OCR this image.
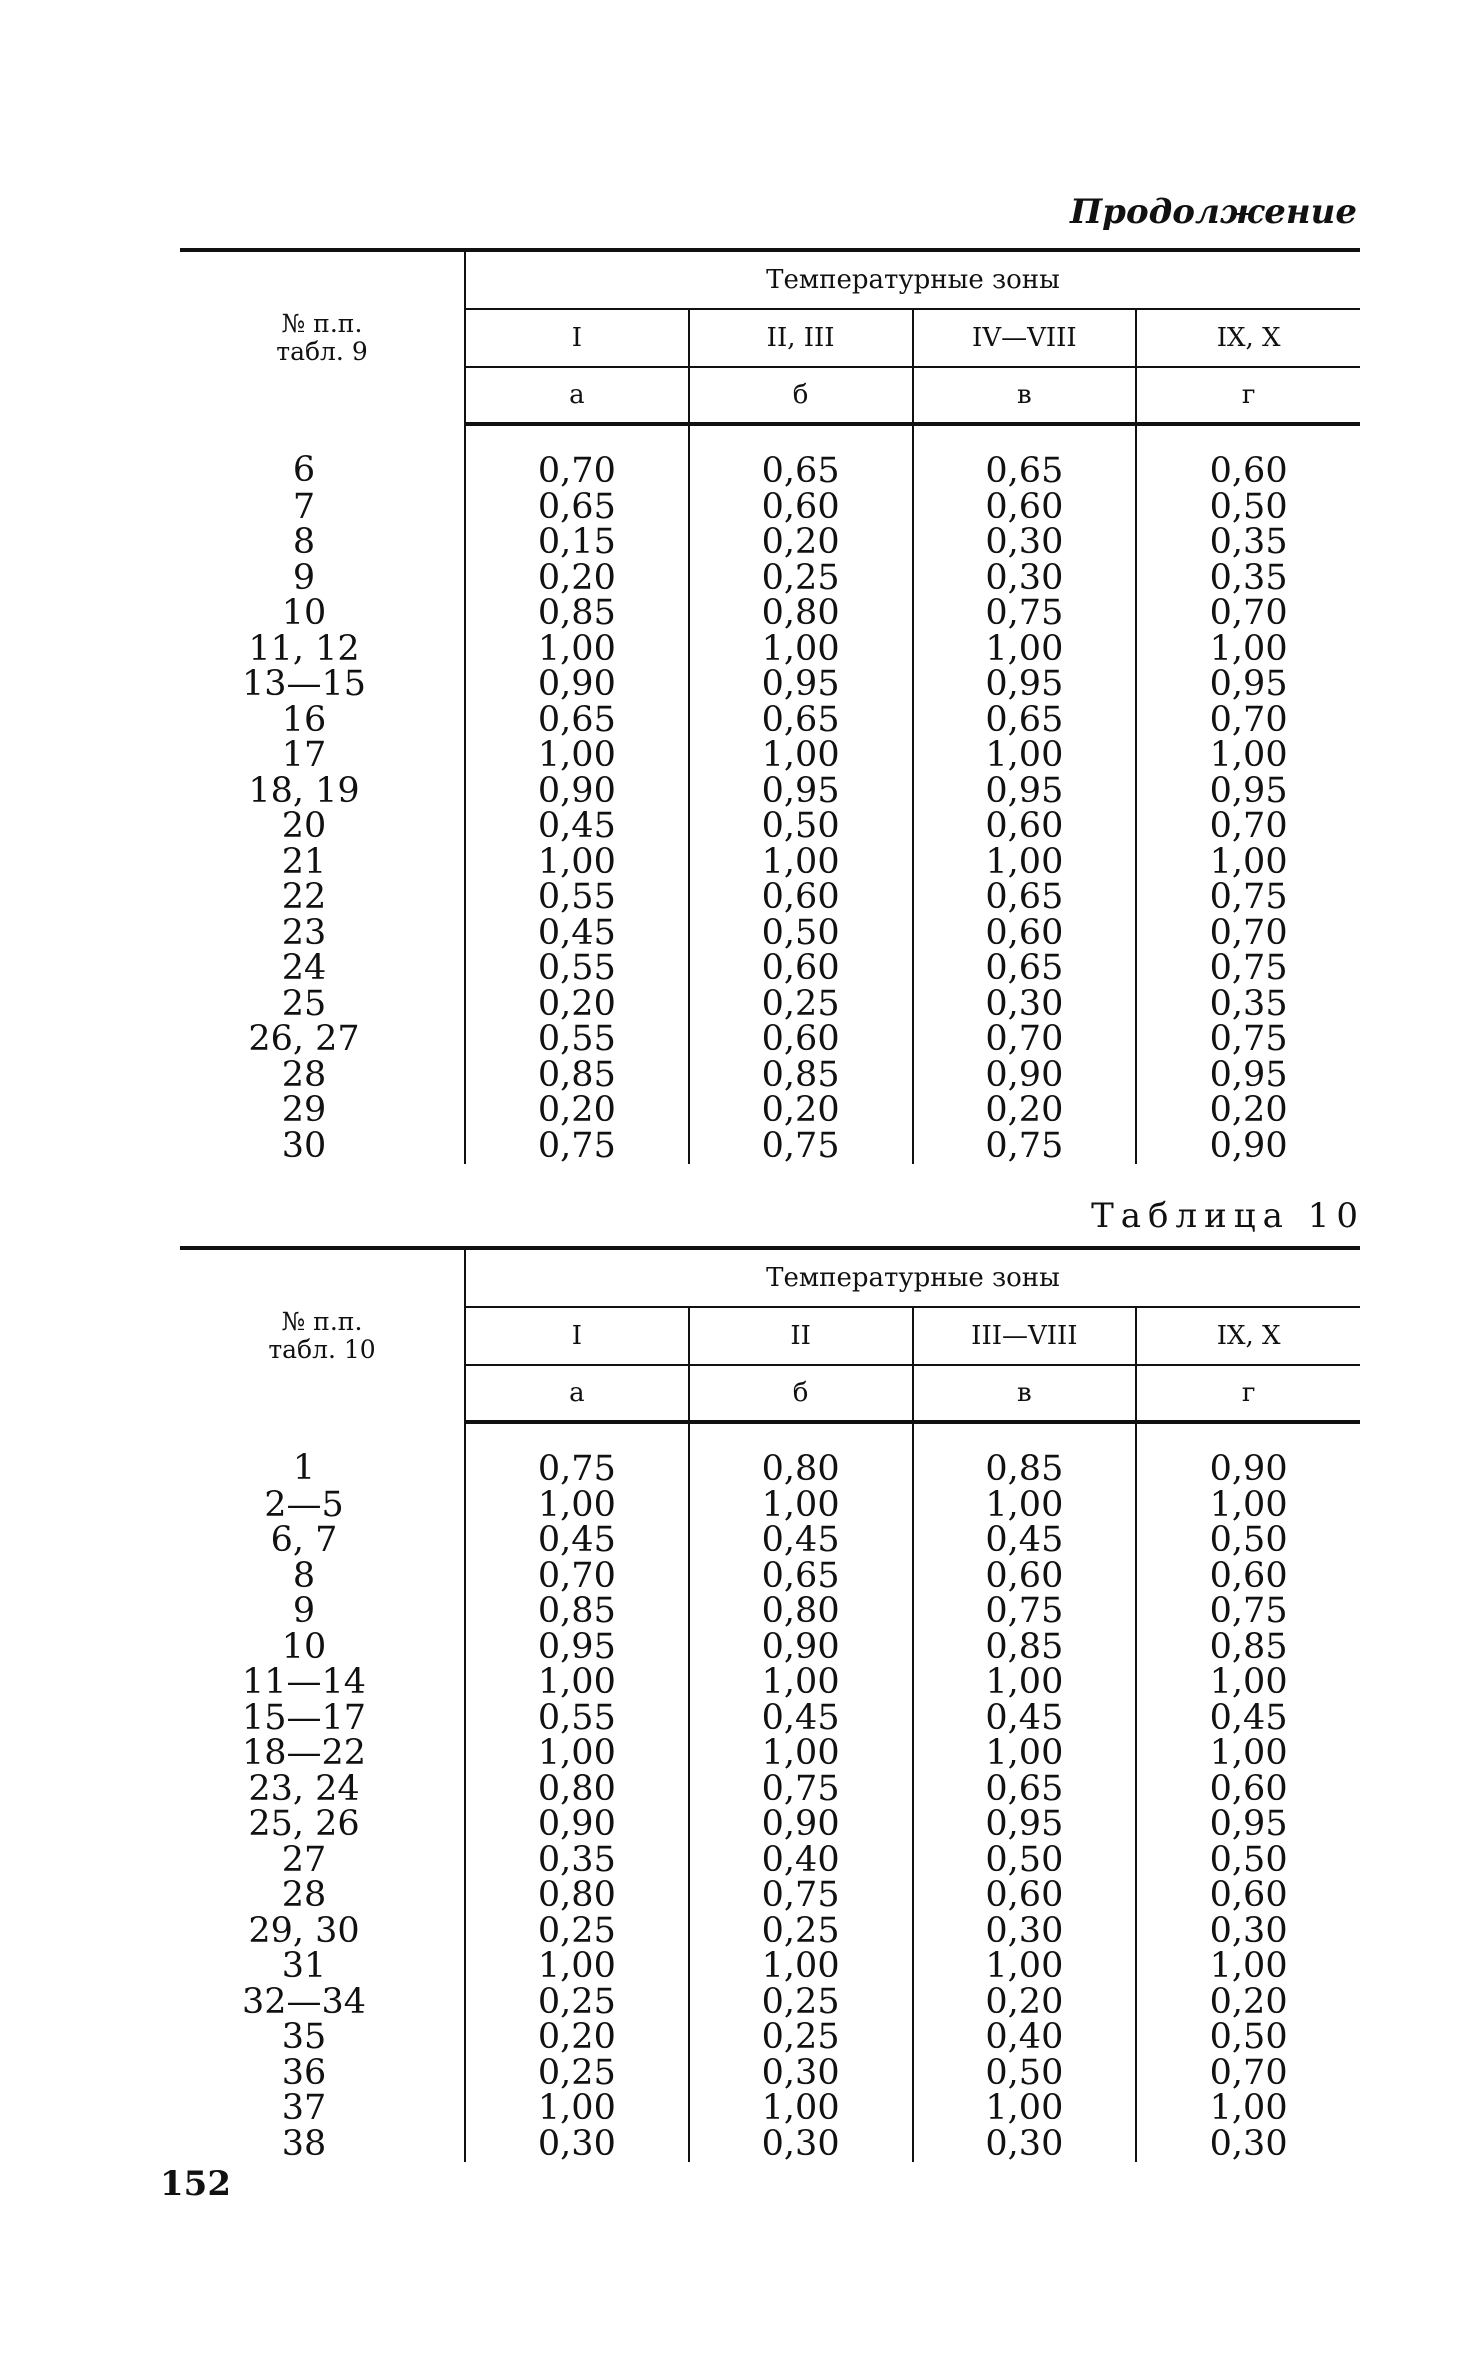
Продолжение
№ п.п.
табл. 9	Температурные зоны			
	I	II, III	IV—VIII	IX, X
	а	б	в	г
6	0,70	0,65	0,65	0,60
7	0,65	0,60	0,60	0,50
8	0,15	0,20	0,30	0,35
9	0,20	0,25	0,30	0,35
10	0,85	0,80	0,75	0,70
11, 12	1,00	1,00	1,00	1,00
13—15	0,90	0,95	0,95	0,95
16	0,65	0,65	0,65	0,70
17	1,00	1,00	1,00	1,00
18, 19	0,90	0,95	0,95	0,95
20	0,45	0,50	0,60	0,70
21	1,00	1,00	1,00	1,00
22	0,55	0,60	0,65	0,75
23	0,45	0,50	0,60	0,70
24	0,55	0,60	0,65	0,75
25	0,20	0,25	0,30	0,35
26, 27	0,55	0,60	0,70	0,75
28	0,85	0,85	0,90	0,95
29	0,20	0,20	0,20	0,20
30	0,75	0,75	0,75	0,90
Таблица 10
№ п.п.
табл. 10	Температурные зоны			
	I	II	III—VIII	IX, X
	а	б	в	г
1	0,75	0,80	0,85	0,90
2—5	1,00	1,00	1,00	1,00
6, 7	0,45	0,45	0,45	0,50
8	0,70	0,65	0,60	0,60
9	0,85	0,80	0,75	0,75
10	0,95	0,90	0,85	0,85
11—14	1,00	1,00	1,00	1,00
15—17	0,55	0,45	0,45	0,45
18—22	1,00	1,00	1,00	1,00
23, 24	0,80	0,75	0,65	0,60
25, 26	0,90	0,90	0,95	0,95
27	0,35	0,40	0,50	0,50
28	0,80	0,75	0,60	0,60
29, 30	0,25	0,25	0,30	0,30
31	1,00	1,00	1,00	1,00
32—34	0,25	0,25	0,20	0,20
35	0,20	0,25	0,40	0,50
36	0,25	0,30	0,50	0,70
37	1,00	1,00	1,00	1,00
38	0,30	0,30	0,30	0,30
152
